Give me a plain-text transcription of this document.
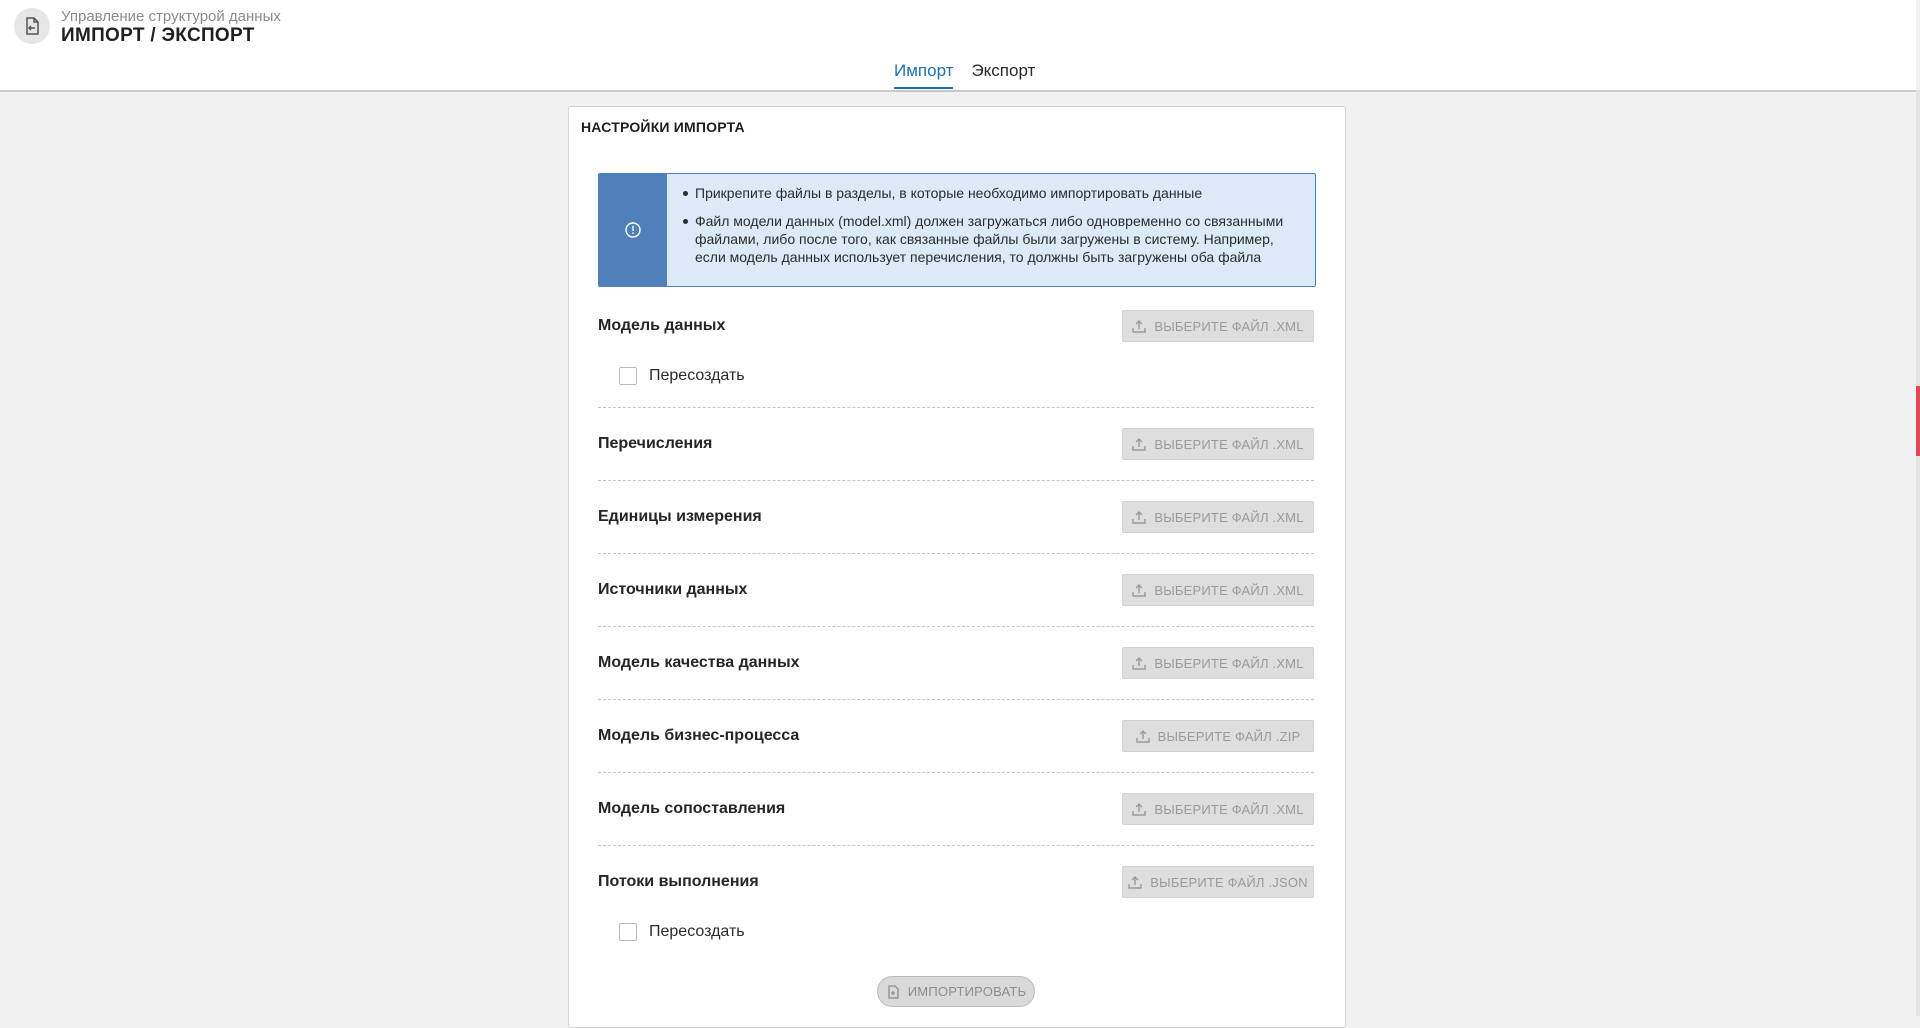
Управление структурой данных
ИМПОРТ / ЭКСПОРТ
Импорт Экспорт
НАСТРОЙКИ ИМПОРТА
Прикрепите файлы в разделы, в которые необходимо импортировать данные
Файл модели данных (model.xml) должен загружаться либо одновременно со связанными файлами, либо после того, как связанные файлы были загружены в систему. Например, если модель данных использует перечисления, то должны быть загружены оба файла
Модель данных	ВЫБЕРИТЕ ФАЙЛ .XML
Пересоздать
Перечисления	ВЫБЕРИТЕ ФАЙЛ .XML
Единицы измерения	ВЫБЕРИТЕ ФАЙЛ .XML
Источники данных	ВЫБЕРИТЕ ФАЙЛ .XML
Модель качества данных	ВЫБЕРИТЕ ФАЙЛ .XML
Модель бизнес-процесса	ВЫБЕРИТЕ ФАЙЛ .ZIP
Модель сопоставления	ВЫБЕРИТЕ ФАЙЛ .XML
Потоки выполнения	ВЫБЕРИТЕ ФАЙЛ .JSON
Пересоздать
ИМПОРТИРОВАТЬ
